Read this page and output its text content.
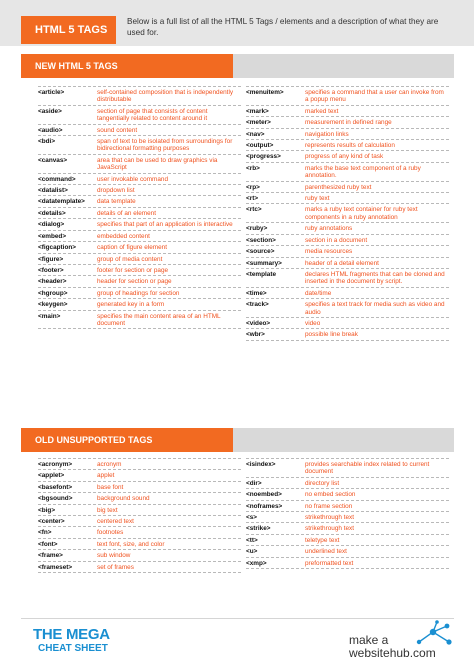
HTML 5 TAGS
Below is a full list of all the HTML 5 Tags / elements and a description of what they are used for.
NEW HTML 5 TAGS
<article>	self-contained composition that is independently distributable
<aside>	section of page that consists of content tangentially related to content around it
<audio>	sound content
<bdi>	span of text to be isolated from surroundings for bidirectional formatting purposes
<canvas>	area that can be used to draw graphics via JavaScript
<command>	user invokable command
<datalist>	dropdown list
<datatemplate>	data template
<details>	details of an element
<dialog>	specifies that part of an application is interactive
<embed>	embedded content
<figcaption>	caption of figure element
<figure>	group of media content
<footer>	footer for section or page
<header>	header for section or page
<hgroup>	group of headings for section
<keygen>	generated key in a form
<main>	specifies the main content area of an HTML document
<menuitem>	specifies a command that a user can invoke from a popup menu
<mark>	marked text
<meter>	measurement in defined range
<nav>	navigation links
<output>	represents results of calculation
<progress>	progress of any kind of task
<rb>	marks the base text component of a ruby annotation.
<rp>	parenthesized ruby text
<rt>	ruby text
<rtc>	marks a ruby text container for ruby text components in a ruby annotation
<ruby>	ruby annotations
<section>	section in a document
<source>	media resources
<summary>	header of a detail element
<template	declares HTML fragments that can be cloned and inserted in the document by script.
<time>	date/time
<track>	specifies a text track for media such as video and audio
<video>	video
<wbr>	possible line break
OLD UNSUPPORTED TAGS
<acronym>	acronym
<applet>	applet
<basefont>	base font
<bgsound>	background sound
<big>	big text
<center>	centered text
<fn>	footnotes
<font>	text font, size, and color
<frame>	sub window
<frameset>	set of frames
<isindex>	provides searchable index related to current document
<dir>	directory list
<noembed>	no embed section
<noframes>	no frame section
<s>	strikethrough text
<strike>	strikethrough text
<tt>	teletype text
<u>	underlined text
<xmp>	preformatted text
THE MEGA
CHEAT SHEET
make a
websitehub.com
